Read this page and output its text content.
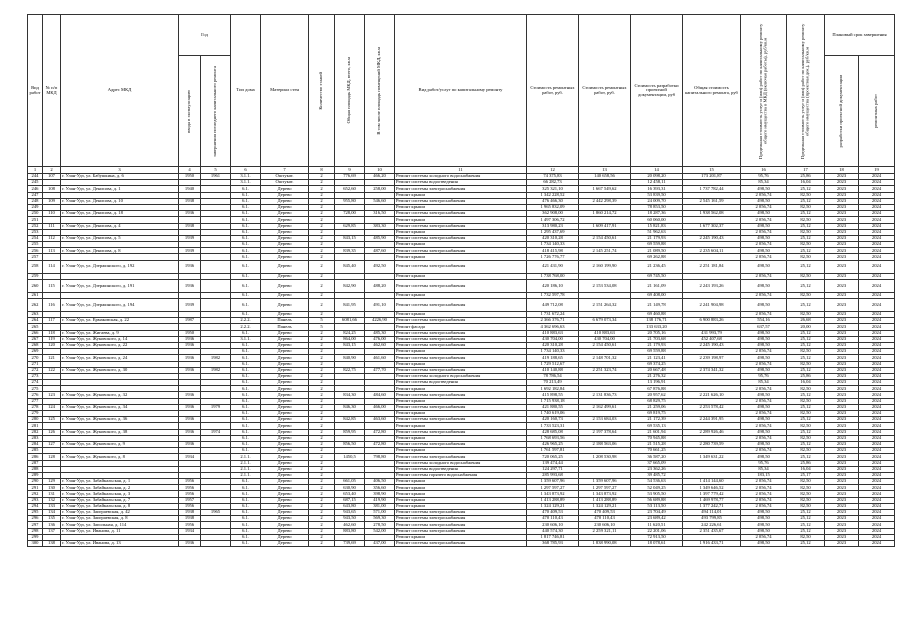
Вид работ	№ п/п МКД	Адрес МКД	Год		Тип дома	Материал стен	Количество этажей	Общая площадь МКД, всего, кв.м	В том числе площадь помещений МКД, кв.м	Вид работ/услуг по капитальному ремонту	Стоимость ремонтных работ, руб.	Стоимость ремонтных работ, руб.	Стоимость разработки проектной документации, руб	Общая стоимость капитального ремонта, руб	Предельная стоимость услуг и (или) работ по капитальному ремонту общего имущества в МКД (включая работы), руб/кв.м	Предельная стоимость услуг и (или) работ по капитальному ремонту общего имущества (проектная док.), руб/кв.м	Плановый срок завершения	

			ввода в эксплуатацию	завершения последнего капитального ремонта													разработки проектной документации	ремонтных работ

1	2	3	4	5	6	7	8	9	10	11	12	13	14	15	16	17	18	19
244	107	г. Улан-Удэ, ул. Бабушкина, д. 6	1950	1961	3.1.1.	Оштукат.	2	776,69	466,20	Ремонт системы холодного водоснабжения	74 375,83	140 658,56	20 098,20	173 201,87	95,76	25,86	2023	2024
245					3.1.1.	Оштукат.	2			Ремонт системы водоотведения	66 282,73		12 458,11		85,34	16,04	2023	2024
246	108	г. Улан-Удэ, ул. Денисова, д. 1	1940		6.1.	Дерево	2	652,60	258,00	Ремонт системы электроснабжения	325 321,10	1 667 549,62	16 393,31	1 737 782,44	498,50	25,12	2023	2024
247					6.1.	Дерево	2			Ремонт крыши	1 342 228,52		53 839,50		2 056,74	82,50	2023	2024
248	109	г. Улан-Удэ, ул. Денисова, д. 10	1938		6.1.	Дерево	2	955,80	546,60	Ремонт системы электроснабжения	476 466,30	2 442 298,39	24 009,70	2 545 161,59	498,50	25,12	2023	2024
249					6.1.	Дерево	2			Ремонт крыши	1 965 832,09		78 853,50		2 056,74	82,50	2023	2024
250	110	г. Улан-Удэ, ул. Денисова, д. 18	1936		6.1.	Дерево	2	728,00	316,50	Ремонт системы электроснабжения	362 908,00	1 860 214,72	18 287,36	1 938 562,08	498,50	25,12	2023	2024
251					6.1.	Дерево	2			Ремонт крыши	1 497 306,72		60 060,00		2 056,74	82,50	2023	2024
252	111	г. Улан-Удэ, ул. Денисова, д. 4	1938		6.1.	Дерево	2	629,85	383,30	Ремонт системы электроснабжения	313 980,23	1 609 417,91	15 821,83	1 677 302,37	498,50	25,12	2023	2024
253					6.1.	Дерево	2			Ремонт крыши	1 295 437,69		51 962,63		2 056,74	82,50	2023	2024
254	112	г. Улан-Удэ, ул. Денисова, д. 5	1939		6.1.	Дерево	2	843,15	485,90	Ремонт системы электроснабжения	420 310,28	2 154 450,61	21 179,93	2 245 190,43	498,50	25,12	2023	2024
255					6.1.	Дерево	2			Ремонт крыши	1 734 140,33		69 559,88		2 056,74	82,50	2023	2024
256	113	г. Улан-Удэ, ул. Денисова, д. 8	1939		6.1.	Дерево	2	839,35	487,60	Ремонт системы электроснабжения	418 415,98	2 145 251,74	21 089,50	2 235 604,11	498,50	25,12	2023	2024
257					6.1.	Дерево	2			Ремонт крыши	1 726 776,77		69 262,88		2 056,74	82,50	2023	2024
258	114	г. Улан-Удэ, ул. Дзержинского, д. 192	1936		6.1.	Дерево	2	845,40	492,50	Ремонт системы электроснабжения	421 431,90	2 160 199,90	21 236,45	2 251 181,84	498,50	25,12	2023	2024
259					6.1.	Дерево	2			Ремонт крыши	1 738 768,00		69 745,50		2 056,74	82,50	2023	2024
260	115	г. Улан-Удэ, ул. Дзержинского, д. 191	1936		6.1.	Дерево	2	842,90	488,20	Ремонт системы электроснабжения	420 186,10	2 153 534,08	21 161,09	2 243 193,26	498,50	25,12	2023	2024
261					6.1.	Дерево	2			Ремонт крыши	1 732 597,78		69 408,00		2 056,74	82,50	2023	2024
262	116	г. Улан-Удэ, ул. Дзержинского, д. 194	1939		6.1.	Дерево	2	841,95	491,10	Ремонт системы электроснабжения	449 712,08	2 151 264,32	21 149,78	2 241 904,98	498,50	25,12	2023	2024
263					6.1.	Дерево	2			Ремонт крыши	1 731 672,24		69 460,88		2 056,74	82,50	2023	2024
264	117	г. Улан-Удэ, ул. Ермаковская, д. 22	1987		2.2.2.	Панель	5	6081,66	4226,90	Ремонт системы электроснабжения	2 366 376,71	6 679 073,34	138 176,71	6 900 883,26	554,16	26,68	2023	2024
265					2.2.2.	Панель	5			Ремонт фасада	4 362 696,63		133 633,20		637,57	20,00	2023	2024
266	118	г. Улан-Удэ, ул. Жигаева, д. 9	1950		6.1.	Дерево	2	824,25	485,30	Ремонт системы электроснабжения	410 883,63	410 883,63	20 705,16	431 993,79	498,50	25,12	2023	2024
267	119	г. Улан-Удэ, ул. Жуковского, д. 14	1936		3.1.1.	Дерево	2	864,00	476,00	Ремонт системы электроснабжения	430 704,00	430 704,00	21 703,68	452 407,68	498,50	25,12	2023	2024
268	120	г. Улан-Удэ, ул. Жуковского, д. 22	1936		6.1.	Дерево	2	843,15	462,60	Ремонт системы электроснабжения	420 310,28	2 154 450,61	21 179,93	2 245 190,43	498,50	25,12	2023	2024
269					6.1.	Дерево	2			Ремонт крыши	1 734 140,33		69 559,88		2 056,74	82,50	2023	2024
270	121	г. Улан-Удэ, ул. Жуковского, д. 24	1936	1982	6.1.	Дерево	2	840,90	461,60	Ремонт системы электроснабжения	419 188,65	2 148 701,32	21 123,41	2 239 198,97	498,50	25,12	2023	2024
271					6.1.	Дерево	2			Ремонт крыши	1 729 512,67		69 374,25		2 056,74	82,50	2023	2024
272	122	г. Улан-Удэ, ул. Жуковского, д. 30	1936	1982	6.1.	Дерево	2	822,75	477,70	Ремонт системы электроснабжения	410 140,88	2 251 323,74	20 667,48	2 374 341,32	498,50	25,12	2023	2024
273					6.1.	Дерево	2			Ремонт системы холодного водоснабжения	78 786,54		21 276,32		95,76	25,86	2023	2024
274					6.1.	Дерево	2			Ремонт системы водоотведения	70 213,49		13 196,91		85,34	16,04	2023	2024
275					6.1.	Дерево	2			Ремонт крыши	1 692 182,84		67 876,88		2 056,74	82,50	2023	2024
276	123	г. Улан-Удэ, ул. Жуковского, д. 32	1936		6.1.	Дерево	2	834,30	484,60	Ремонт системы электроснабжения	415 898,55	2 131 836,73	20 957,62	2 221 626,10	498,50	25,12	2023	2024
277					6.1.	Дерево	2			Ремонт крыши	1 715 938,18		68 829,75		2 056,74	82,50	2023	2024
278	124	г. Улан-Удэ, ул. Жуковского, д. 34	1936	1979	6.1.	Дерево	2	846,30	466,00	Ремонт системы электроснабжения	421 880,55	2 162 499,61	21 259,06	2 253 578,42	498,50	25,12	2023	2024
279					6.1.	Дерево	2			Ремонт крыши	1 740 619,06		69 819,75		2 056,74	82,50	2023	2024
280	125	г. Улан-Удэ, ул. Жуковского, д. 36	1936		6.1.	Дерево	2	842,85	463,60	Ремонт системы электроснабжения	420 160,73	2 153 684,03	21 172,39	2 244 391,95	498,50	25,12	2023	2024
281					6.1.	Дерево	2			Ремонт крыши	1 733 523,31		69 535,13		2 056,74	82,50	2023	2024
282	126	г. Улан-Удэ, ул. Жуковского, д. 38	1936	1974	6.1.	Дерево	2	859,95	472,80	Ремонт системы электроснабжения	428 685,08	2 197 378,64	21 601,94	2 289 926,46	498,50	25,12	2023	2024
283					6.1.	Дерево	2			Ремонт крыши	1 768 693,56		70 945,88		2 056,74	82,50	2023	2024
284	127	г. Улан-Удэ, ул. Жуковского, д. 9	1936		6.1.	Дерево	2	856,50	472,80	Ремонт системы электроснабжения	426 965,25	2 188 563,06	21 515,28	2 280 739,59	498,50	25,12	2023	2024
285					6.1.	Дерево	2			Ремонт крыши	1 761 597,81		70 661,25		2 056,74	82,50	2023	2024
286	128	г. Улан-Удэ, ул. Жуковского, д. 8	1934		2.1.1.	Дерево	2	1450,5	798,80	Ремонт системы электроснабжения	720 065,25	1 208 530,98	36 587,20	1 349 631,22	498,50	25,12	2023	2024
287					2.1.1.	Дерево	2			Ремонт системы холодного водоснабжения	139 474,44		37 665,09		95,76	25,86	2023	2024
288					2.1.1.	Дерево	2			Ремонт системы водоотведения	124 297,71		23 362,26		85,34	16,04	2023	2024
289					2.1.1.	Дерево	2			Ремонт системы горячего водоснабжения	285 993,68		39 485,72		183,15	25,17	2023	2024
290	129	г. Улан-Удэ, ул. Забайкальская, д. 1	1956		6.1.	Дерево	2	661,05	406,50	Ремонт крыши	1 359 607,96	1 359 607,96	54 536,63	1 414 144,60	2 056,74	82,50	2023	2024
291	130	г. Улан-Удэ, ул. Забайкальская, д. 2	1956		6.1.	Дерево	2	630,90	356,60	Ремонт крыши	1 297 597,27	1 297 597,27	52 049,25	1 349 646,52	2 056,74	82,50	2023	2024
292	131	г. Улан-Удэ, ул. Забайкальская, д. 3	1956		6.1.	Дерево	2	653,40	398,90	Ремонт крыши	1 343 873,92	1 343 873,92	53 905,50	1 397 779,42	2 056,74	82,50	2023	2024
293	132	г. Улан-Удэ, ул. Забайкальская, д. 7	1957		6.1.	Дерево	2	687,15	419,90	Ремонт крыши	1 413 288,89	1 413 288,89	56 689,88	1 469 978,77	2 056,74	82,50	2023	2024
294	133	г. Улан-Удэ, ул. Забайкальская, д. 8	1956		6.1.	Дерево	2	643,80	381,00	Ремонт крыши	1 324 129,21	1 324 129,21	53 113,50	1 377 242,71	2 056,74	82,50	2023	2024
295	134	г. Улан-Удэ, ул. Заиграевская, д. 42	1938	1965	6.1.	Дерево	2	943,65	571,00	Ремонт системы электроснабжения	470 409,53	470 409,53	23 704,49	494 114,01	498,50	25,12	2023	2024
296	135	г. Улан-Удэ, ул. Заиграевская, д. 8	1938		6.1.	Дерево	2	943,50	569,30	Ремонт системы электроснабжения	470 110,43	470 110,43	23 689,42	493 799,85	498,50	25,12	2023	2024
297	136	г. Улан-Удэ, ул. Запольная, д. 114	1956		6.1.	Дерево	2	462,60	278,50	Ремонт системы электроснабжения	230 606,10	230 606,10	11 620,51	242 226,61	498,50	25,12	2023	2024
298	137	г. Улан-Удэ, ул. Иванова, д. 11	1934		6.1.	Дерево	2	883,80	542,00	Ремонт системы электроснабжения	440 574,30	2 259 321,11	22 201,06	2 351 435,67	498,50	25,12	2023	2024
299					6.1.	Дерево	2			Ремонт крыши	1 817 746,81		72 913,50		2 056,74	82,50	2023	2024
300	138	г. Улан-Удэ, ул. Иванова, д. 13	1936		6.1.	Дерево	2	739,69	437,00	Ремонт системы электроснабжения	368 785,93	1 838 990,08	18 078,61	1 916 433,71	498,50	25,12	2023	2024
